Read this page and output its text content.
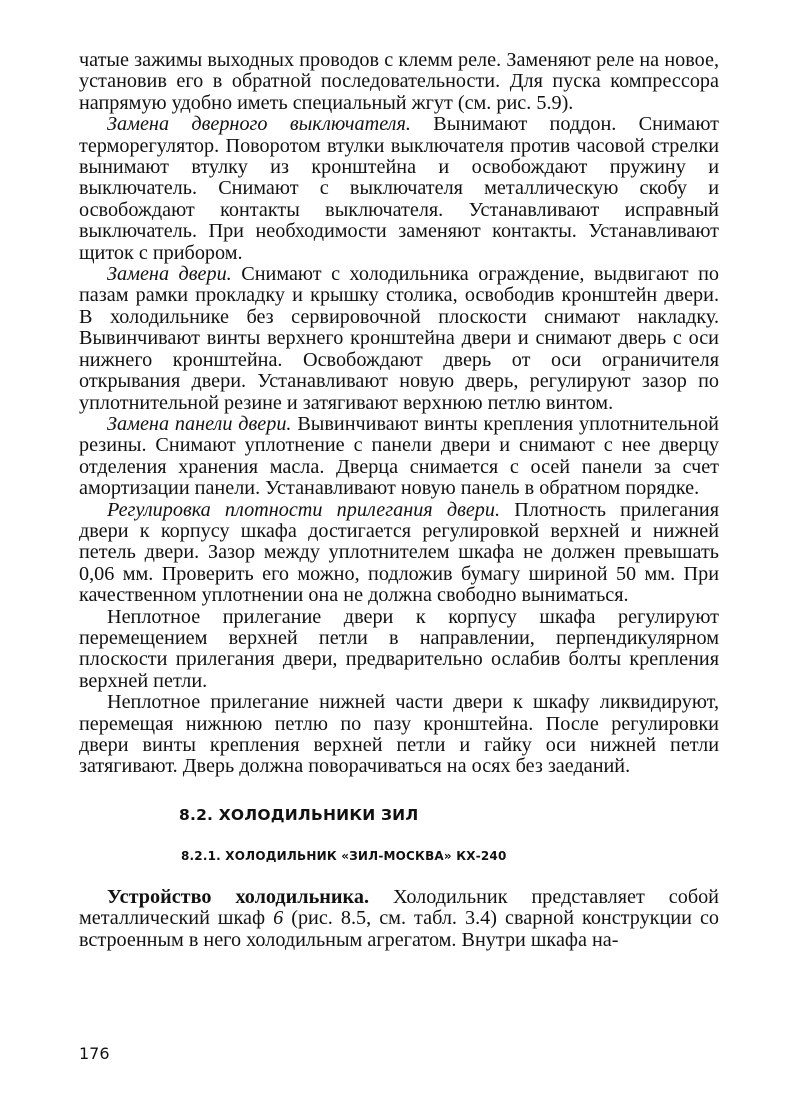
чатые зажимы выходных проводов с клемм реле. Заменяют реле на новое, установив его в обратной последовательности. Для пуска компрессора напрямую удобно иметь специальный жгут (см. рис. 5.9).

Замена дверного выключателя. Вынимают поддон. Снимают терморегулятор. Поворотом втулки выключателя против часовой стрелки вынимают втулку из кронштейна и освобождают пружину и выключатель. Снимают с выключателя металлическую скобу и освобождают контакты выключателя. Устанавливают исправный выключатель. При необходимости заменяют контакты. Устанавливают щиток с прибором.

Замена двери. Снимают с холодильника ограждение, выдвигают по пазам рамки прокладку и крышку столика, освободив кронштейн двери. В холодильнике без сервировочной плоскости снимают накладку. Вывинчивают винты верхнего кронштейна двери и снимают дверь с оси нижнего кронштейна. Освобождают дверь от оси ограничителя открывания двери. Устанавливают новую дверь, регулируют зазор по уплотнительной резине и затягивают верхнюю петлю винтом.

Замена панели двери. Вывинчивают винты крепления уплотнительной резины. Снимают уплотнение с панели двери и снимают с нее дверцу отделения хранения масла. Дверца снимается с осей панели за счет амортизации панели. Устанавливают новую панель в обратном порядке.

Регулировка плотности прилегания двери. Плотность прилегания двери к корпусу шкафа достигается регулировкой верхней и нижней петель двери. Зазор между уплотнителем шкафа не должен превышать 0,06 мм. Проверить его можно, подложив бумагу шириной 50 мм. При качественном уплотнении она не должна свободно выниматься.

Неплотное прилегание двери к корпусу шкафа регулируют перемещением верхней петли в направлении, перпендикулярном плоскости прилегания двери, предварительно ослабив болты крепления верхней петли.

Неплотное прилегание нижней части двери к шкафу ликвидируют, перемещая нижнюю петлю по пазу кронштейна. После регулировки двери винты крепления верхней петли и гайку оси нижней петли затягивают. Дверь должна поворачиваться на осях без заеданий.

8.2. ХОЛОДИЛЬНИКИ ЗИЛ
8.2.1. ХОЛОДИЛЬНИК «ЗИЛ-МОСКВА» КХ-240

Устройство холодильника. Холодильник представляет собой металлический шкаф 6 (рис. 8.5, см. табл. 3.4) сварной конструкции со встроенным в него холодильным агрегатом. Внутри шкафа на-

176
